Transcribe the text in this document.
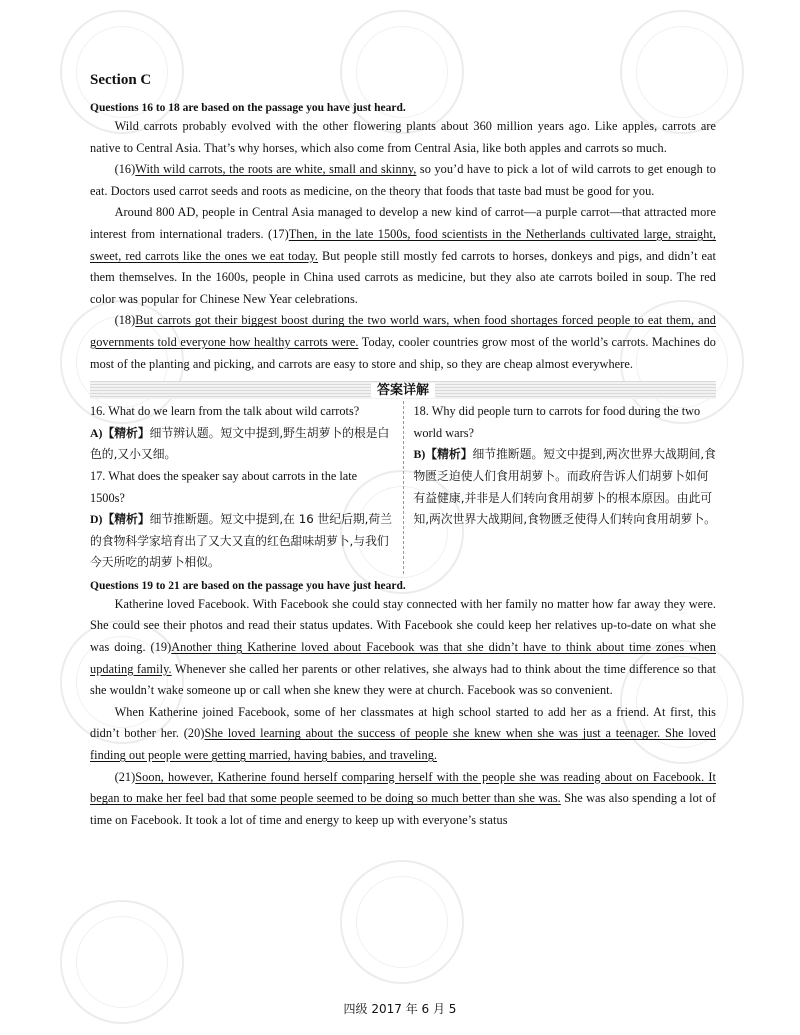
Section C

Questions 16 to 18 are based on the passage you have just heard.

Wild carrots probably evolved with the other flowering plants about 360 million years ago. Like apples, carrots are native to Central Asia. That’s why horses, which also come from Central Asia, like both apples and carrots so much.

(16)With wild carrots, the roots are white, small and skinny, so you’d have to pick a lot of wild carrots to get enough to eat. Doctors used carrot seeds and roots as medicine, on the theory that foods that taste bad must be good for you.

Around 800 AD, people in Central Asia managed to develop a new kind of carrot—a purple carrot—that attracted more interest from international traders. (17)Then, in the late 1500s, food scientists in the Netherlands cultivated large, straight, sweet, red carrots like the ones we eat today. But people still mostly fed carrots to horses, donkeys and pigs, and didn’t eat them themselves. In the 1600s, people in China used carrots as medicine, but they also ate carrots boiled in soup. The red color was popular for Chinese New Year celebrations.

(18)But carrots got their biggest boost during the two world wars, when food shortages forced people to eat them, and governments told everyone how healthy carrots were. Today, cooler countries grow most of the world’s carrots. Machines do most of the planting and picking, and carrots are easy to store and ship, so they are cheap almost everywhere.

答案详解

16. What do we learn from the talk about wild carrots?

A)【精析】细节辨认题。短文中提到,野生胡萝卜的根是白色的,又小又细。

17. What does the speaker say about carrots in the late 1500s?

D)【精析】细节推断题。短文中提到,在 16 世纪后期,荷兰的食物科学家培育出了又大又直的红色甜味胡萝卜,与我们今天所吃的胡萝卜相似。

18. Why did people turn to carrots for food during the two world wars?

B)【精析】细节推断题。短文中提到,两次世界大战期间,食物匮乏迫使人们食用胡萝卜。而政府告诉人们胡萝卜如何有益健康,并非是人们转向食用胡萝卜的根本原因。由此可知,两次世界大战期间,食物匮乏使得人们转向食用胡萝卜。

Questions 19 to 21 are based on the passage you have just heard.

Katherine loved Facebook. With Facebook she could stay connected with her family no matter how far away they were. She could see their photos and read their status updates. With Facebook she could keep her relatives up-to-date on what she was doing. (19)Another thing Katherine loved about Facebook was that she didn’t have to think about time zones when updating family. Whenever she called her parents or other relatives, she always had to think about the time difference so that she wouldn’t wake someone up or call when she knew they were at church. Facebook was so convenient.

When Katherine joined Facebook, some of her classmates at high school started to add her as a friend. At first, this didn’t bother her. (20)She loved learning about the success of people she knew when she was just a teenager. She loved finding out people were getting married, having babies, and traveling.

(21)Soon, however, Katherine found herself comparing herself with the people she was reading about on Facebook. It began to make her feel bad that some people seemed to be doing so much better than she was. She was also spending a lot of time on Facebook. It took a lot of time and energy to keep up with everyone’s status

四级 2017 年 6 月 5
